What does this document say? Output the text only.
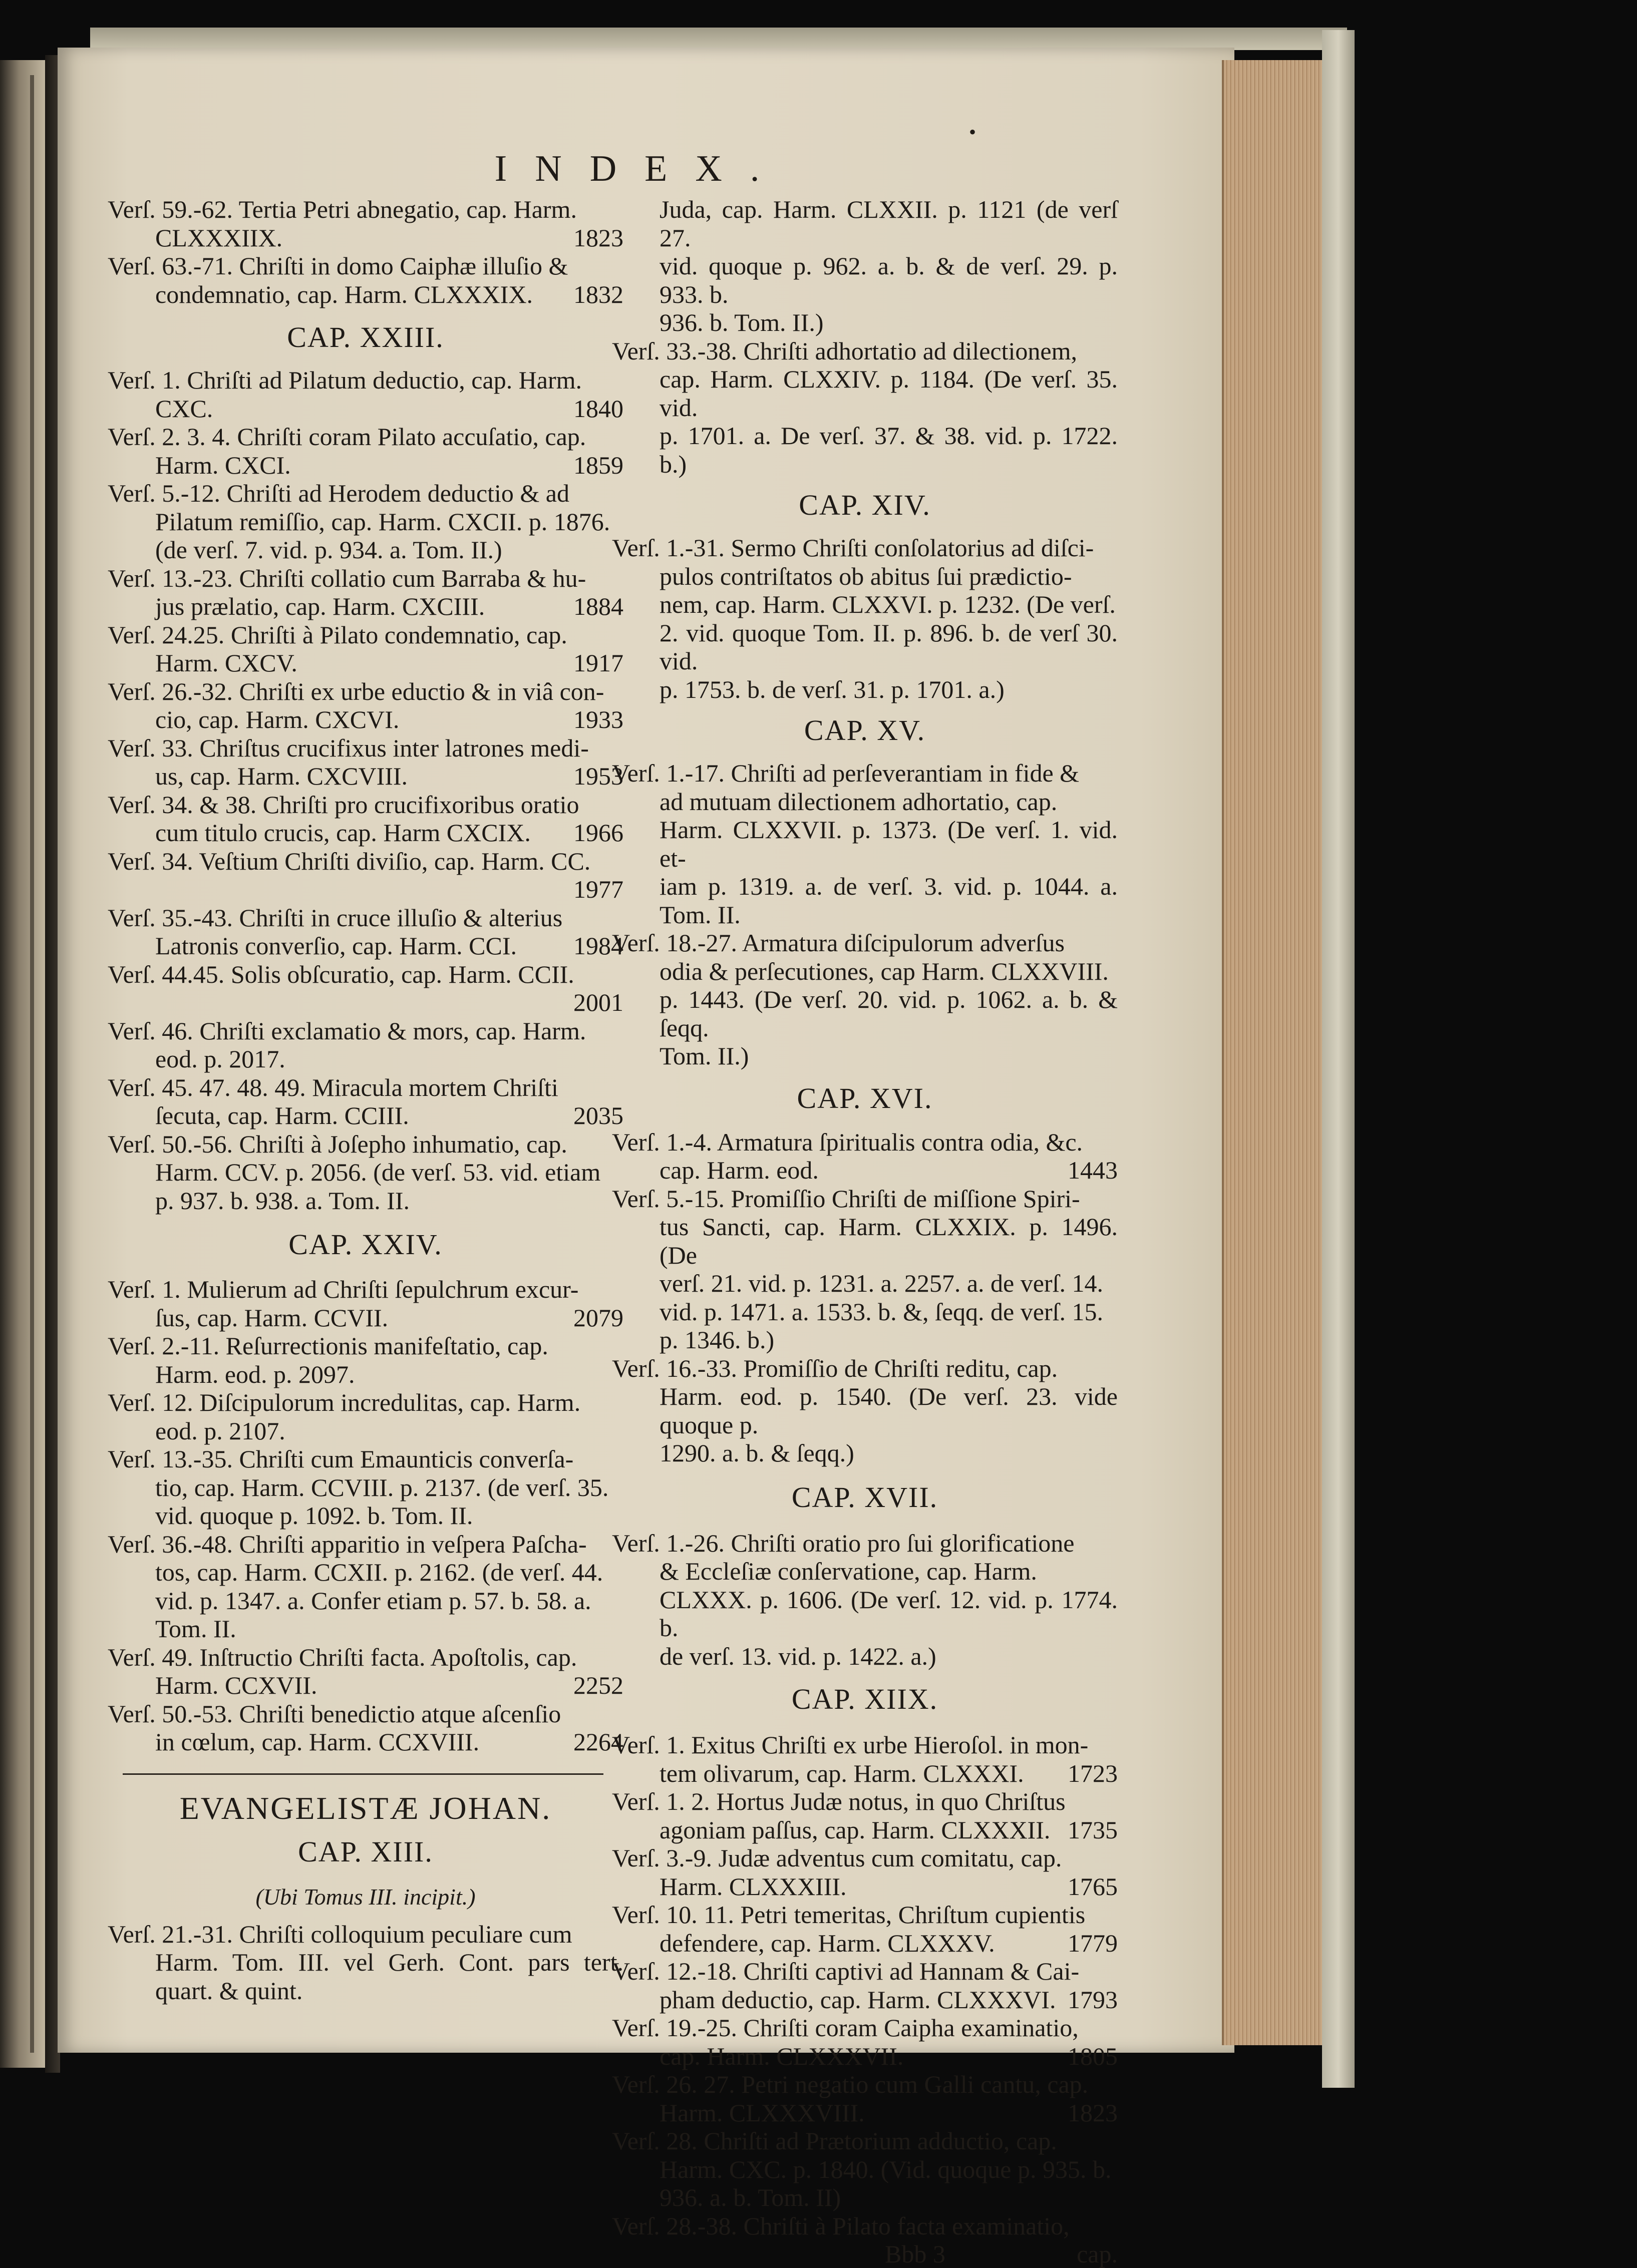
INDEX.
•
Verſ. 59.-62. Tertia Petri abnegatio, cap. Harm.
CLXXXIIX.	1823
Verſ. 63.-71. Chriſti in domo Caiphæ illuſio &
condemnatio, cap. Harm. CLXXXIX. 1832
CAP. XXIII.
Verſ. 1. Chriſti ad Pilatum deductio, cap. Harm.
CXC.	1840
Verſ. 2. 3. 4. Chriſti coram Pilato accuſatio, cap.
Harm. CXCI.	1859
Verſ. 5.-12. Chriſti ad Herodem deductio & ad
Pilatum remiſſio, cap. Harm. CXCII. p. 1876.
(de verſ. 7. vid. p. 934. a. Tom. II.)
Verſ. 13.-23. Chriſti collatio cum Barraba & hu-
jus prælatio, cap. Harm. CXCIII.	1884
Verſ. 24.25. Chriſti à Pilato condemnatio, cap.
Harm. CXCV.	1917
Verſ. 26.-32. Chriſti ex urbe eductio & in viâ con-
cio, cap. Harm. CXCVI.	1933
Verſ. 33. Chriſtus crucifixus inter latrones medi-
us, cap. Harm. CXCVIII.	1953
Verſ. 34. & 38. Chriſti pro crucifixoribus oratio
cum titulo crucis, cap. Harm CXCIX. 1966
Verſ. 34. Veſtium Chriſti diviſio, cap. Harm. CC.
1977
Verſ. 35.-43. Chriſti in cruce illuſio & alterius
Latronis converſio, cap. Harm. CCI. 1984
Verſ. 44.45. Solis obſcuratio, cap. Harm. CCII.
2001
Verſ. 46. Chriſti exclamatio & mors, cap. Harm.
eod. p. 2017.
Verſ. 45. 47. 48. 49. Miracula mortem Chriſti
ſecuta, cap. Harm. CCIII.	2035
Verſ. 50.-56. Chriſti à Joſepho inhumatio, cap.
Harm. CCV. p. 2056. (de verſ. 53. vid. etiam
p. 937. b. 938. a. Tom. II.
CAP. XXIV.
Verſ. 1. Mulierum ad Chriſti ſepulchrum excur-
ſus, cap. Harm. CCVII.	2079
Verſ. 2.-11. Reſurrectionis manifeſtatio, cap.
Harm. eod. p. 2097.
Verſ. 12. Diſcipulorum incredulitas, cap. Harm.
eod. p. 2107.
Verſ. 13.-35. Chriſti cum Emaunticis converſa-
tio, cap. Harm. CCVIII. p. 2137. (de verſ. 35.
vid. quoque p. 1092. b. Tom. II.
Verſ. 36.-48. Chriſti apparitio in veſpera Paſcha-
tos, cap. Harm. CCXII. p. 2162. (de verſ. 44.
vid. p. 1347. a. Confer etiam p. 57. b. 58. a.
Tom. II.
Verſ. 49. Inſtructio Chriſti facta. Apoſtolis, cap.
Harm. CCXVII.	2252
Verſ. 50.-53. Chriſti benedictio atque aſcenſio
in cœlum, cap. Harm. CCXVIII.	2264
EVANGELISTÆ JOHAN.
CAP. XIII.
(Ubi Tomus III. incipit.)
Verſ. 21.-31. Chriſti colloquium peculiare cum
Harm. Tom. III. vel Gerh. Cont. pars tert. quart. & quint.
Juda, cap. Harm. CLXXII. p. 1121 (de verſ 27.
vid. quoque p. 962. a. b. & de verſ. 29. p. 933. b.
936. b. Tom. II.)
Verſ. 33.-38. Chriſti adhortatio ad dilectionem,
cap. Harm. CLXXIV. p. 1184. (De verſ. 35. vid.
p. 1701. a. De verſ. 37. & 38. vid. p. 1722. b.)
CAP. XIV.
Verſ. 1.-31. Sermo Chriſti conſolatorius ad diſci-
pulos contriſtatos ob abitus ſui prædictio-
nem, cap. Harm. CLXXVI. p. 1232. (De verſ.
2. vid. quoque Tom. II. p. 896. b. de verſ 30. vid.
p. 1753. b. de verſ. 31. p. 1701. a.)
CAP. XV.
Verſ. 1.-17. Chriſti ad perſeverantiam in fide &
ad mutuam dilectionem adhortatio, cap.
Harm. CLXXVII. p. 1373. (De verſ. 1. vid. et-
iam p. 1319. a. de verſ. 3. vid. p. 1044. a. Tom. II.
Verſ. 18.-27. Armatura diſcipulorum adverſus
odia & perſecutiones, cap Harm. CLXXVIII.
p. 1443. (De verſ. 20. vid. p. 1062. a. b. & ſeqq.
Tom. II.)
CAP. XVI.
Verſ. 1.-4. Armatura ſpiritualis contra odia, &c.
cap. Harm. eod.	1443
Verſ. 5.-15. Promiſſio Chriſti de miſſione Spiri-
tus Sancti, cap. Harm. CLXXIX. p. 1496. (De
verſ. 21. vid. p. 1231. a. 2257. a. de verſ. 14.
vid. p. 1471. a. 1533. b. &, ſeqq. de verſ. 15.
p. 1346. b.)
Verſ. 16.-33. Promiſſio de Chriſti reditu, cap.
Harm. eod. p. 1540. (De verſ. 23. vide quoque p.
1290. a. b. & ſeqq.)
CAP. XVII.
Verſ. 1.-26. Chriſti oratio pro ſui glorificatione
& Eccleſiæ conſervatione, cap. Harm.
CLXXX. p. 1606. (De verſ. 12. vid. p. 1774. b.
de verſ. 13. vid. p. 1422. a.)
CAP. XIIX.
Verſ. 1. Exitus Chriſti ex urbe Hieroſol. in mon-
tem olivarum, cap. Harm. CLXXXI. 1723
Verſ. 1. 2. Hortus Judæ notus, in quo Chriſtus
agoniam paſſus, cap. Harm. CLXXXII. 1735
Verſ. 3.-9. Judæ adventus cum comitatu, cap.
Harm. CLXXXIII.	1765
Verſ. 10. 11. Petri temeritas, Chriſtum cupientis
defendere, cap. Harm. CLXXXV.	1779
Verſ. 12.-18. Chriſti captivi ad Hannam & Cai-
pham deductio, cap. Harm. CLXXXVI. 1793
Verſ. 19.-25. Chriſti coram Caipha examinatio,
cap. Harm. CLXXXVII.	1805
Verſ. 26. 27. Petri negatio cum Galli cantu, cap.
Harm. CLXXXVIII.	1823
Verſ. 28. Chriſti ad Prætorium adductio, cap.
Harm. CXC. p. 1840. (Vid. quoque p. 935. b.
936. a. b. Tom. II)
Verſ. 28.-38. Chriſti à Pilato facta examinatio,
Bbb 3	cap.
